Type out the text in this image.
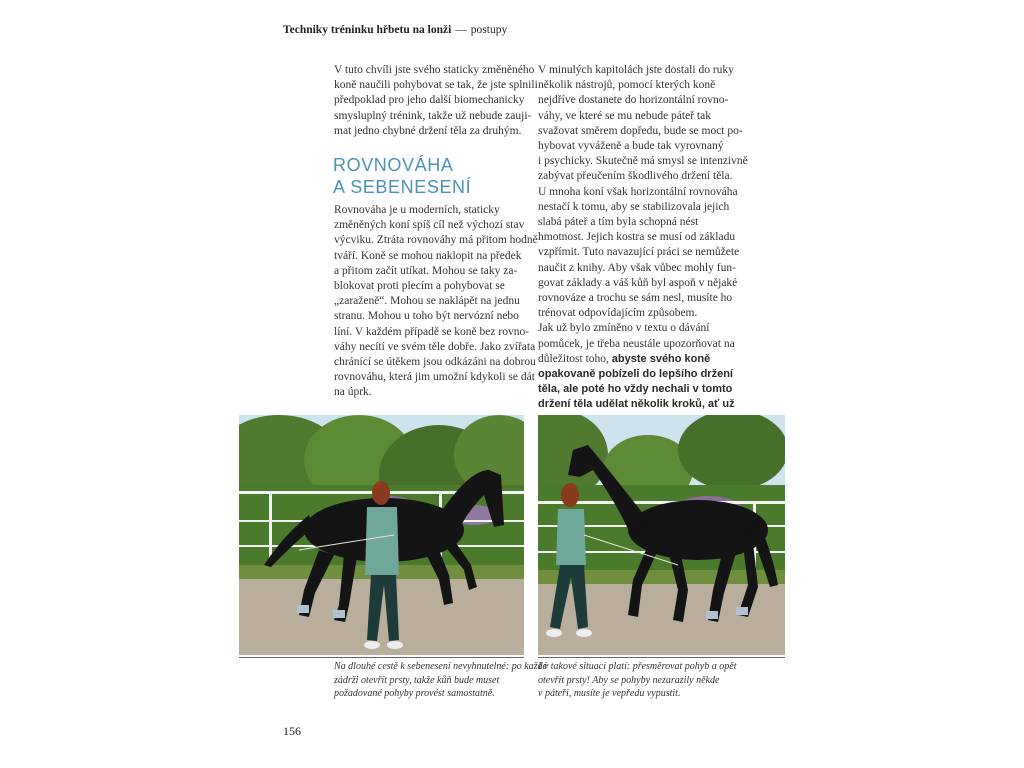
Techniky tréninku hřbetu na lonži — postupy
V tuto chvíli jste svého staticky změněného
koně naučili pohybovat se tak, že jste splnili
předpoklad pro jeho další biomechanicky
smysluplný trénink, takže už nebude zauji-
mat jedno chybné držení těla za druhým.
ROVNOVÁHA
A SEBENESENÍ
Rovnováha je u moderních, staticky
změněných koní spíš cíl než výchozí stav
výcviku. Ztráta rovnováhy má přitom hodně
tváří. Koně se mohou naklopit na předek
a přitom začít utíkat. Mohou se taky za-
blokovat proti plecím a pohybovat se
„zaraženě“. Mohou se naklápět na jednu
stranu. Mohou u toho být nervózní nebo
líní. V každém případě se koně bez rovno-
váhy necítí ve svém těle dobře. Jako zvířata
chránící se útěkem jsou odkázáni na dobrou
rovnováhu, která jim umožní kdykoli se dát
na úprk.
V minulých kapitolách jste dostali do ruky
několik nástrojů, pomocí kterých koně
nejdříve dostanete do horizontální rovno-
váhy, ve které se mu nebude páteř tak
svažovat směrem dopředu, bude se moct po-
hybovat vyváženě a bude tak vyrovnaný
i psychicky. Skutečně má smysl se intenzivně
zabývat přeučením škodlivého držení těla.
U mnoha koní však horizontální rovnováha
nestačí k tomu, aby se stabilizovala jejich
slabá páteř a tím byla schopná nést
hmotnost. Jejich kostra se musí od základu
vzpřímit. Tuto navazující práci se nemůžete
naučit z knihy. Aby však vůbec mohly fun-
govat základy a váš kůň byl aspoň v nějaké
rovnováze a trochu se sám nesl, musíte ho
trénovat odpovídajícím způsobem.
Jak už bylo zmíněno v textu o dávání
pomůcek, je třeba neustále upozorňovat na
důležitost toho, abyste svého koně
opakovaně pobízeli do lepšího držení
těla, ale poté ho vždy nechali v tomto
držení těla udělat několik kroků, ať už
Na dlouhé cestě k sebenesení nevyhnutelné: po každé
zádrži otevřít prsty, takže kůň bude muset
požadované pohyby provést samostatně.
I v takové situaci platí: přesměrovat pohyb a opět
otevřít prsty! Aby se pohyby nezarazily někde
v páteři, musíte je vepředu vypustit.
156
